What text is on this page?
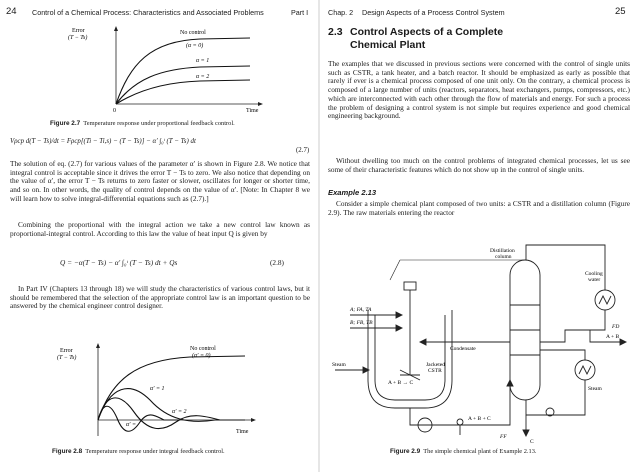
24 Control of a Chemical Process: Characteristics and Associated Problems	Part I
Error
(T − Ts)
No control
(α = 0)
α = 1
α = 2
0	Time
Figure 2.7 Temperature response under proportional feedback control.
Vρcp d(T − Ts)/dt = Fρcp[(Ti − Ti,s) − (T − Ts)] − α′ ∫₀ᵗ (T − Ts) dt
(2.7)

The solution of eq. (2.7) for various values of the parameter α′ is shown in Figure 2.8. We notice that integral control is acceptable since it drives the error T − Ts to zero. We also notice that depending on the value of α′, the error T − Ts returns to zero faster or slower, oscillates for longer or shorter time, and so on. In other words, the quality of control depends on the value of α′. [Note: In Chapter 8 we will learn how to solve integral-differential equations such as (2.7).]

Combining the proportional with the integral action we take a new control law known as proportional-integral control. According to this law the value of heat input Q is given by

Q = −α(T − Ts) − α′ ∫₀ᵗ (T − Ts) dt + Qs	(2.8)

In Part IV (Chapters 13 through 18) we will study the characteristics of various control laws, but it should be remembered that the selection of the appropriate control law is an important question to be answered by the chemical engineer control designer.

Error
(T − Ts)
No control
(α′ = 0)
α′ = 1
α′ = 2
α′ =
Time
Figure 2.8 Temperature response under integral feedback control.
Chap. 2 Design Aspects of a Process Control System	25
2.3 Control Aspects of a Complete
Chemical Plant

The examples that we discussed in previous sections were concerned with the control of single units such as CSTR, a tank heater, and a batch reactor. It should be emphasized as early as possible that rarely if ever is a chemical process composed of one unit only. On the contrary, a chemical process is composed of a large number of units (reactors, separators, heat exchangers, pumps, compressors, etc.) which are interconnected with each other through the flow of materials and energy. For such a process the problem of designing a control system is not simple but requires experience and good chemical engineering background.

Without dwelling too much on the control problems of integrated chemical processes, let us see some of their characteristic features which do not show up in the control of single units.

Example 2.13

Consider a simple chemical plant composed of two units: a CSTR and a distillation column (Figure 2.9). The raw materials entering the reactor

Distillation
column
Cooling
water
A; FA, TA
B; FB, TB
Condensate
Jacketed
CSTR
Steam
A + B → C
Steam
FD
A + B
A + B + C
FF
C
Figure 2.9 The simple chemical plant of Example 2.13.
